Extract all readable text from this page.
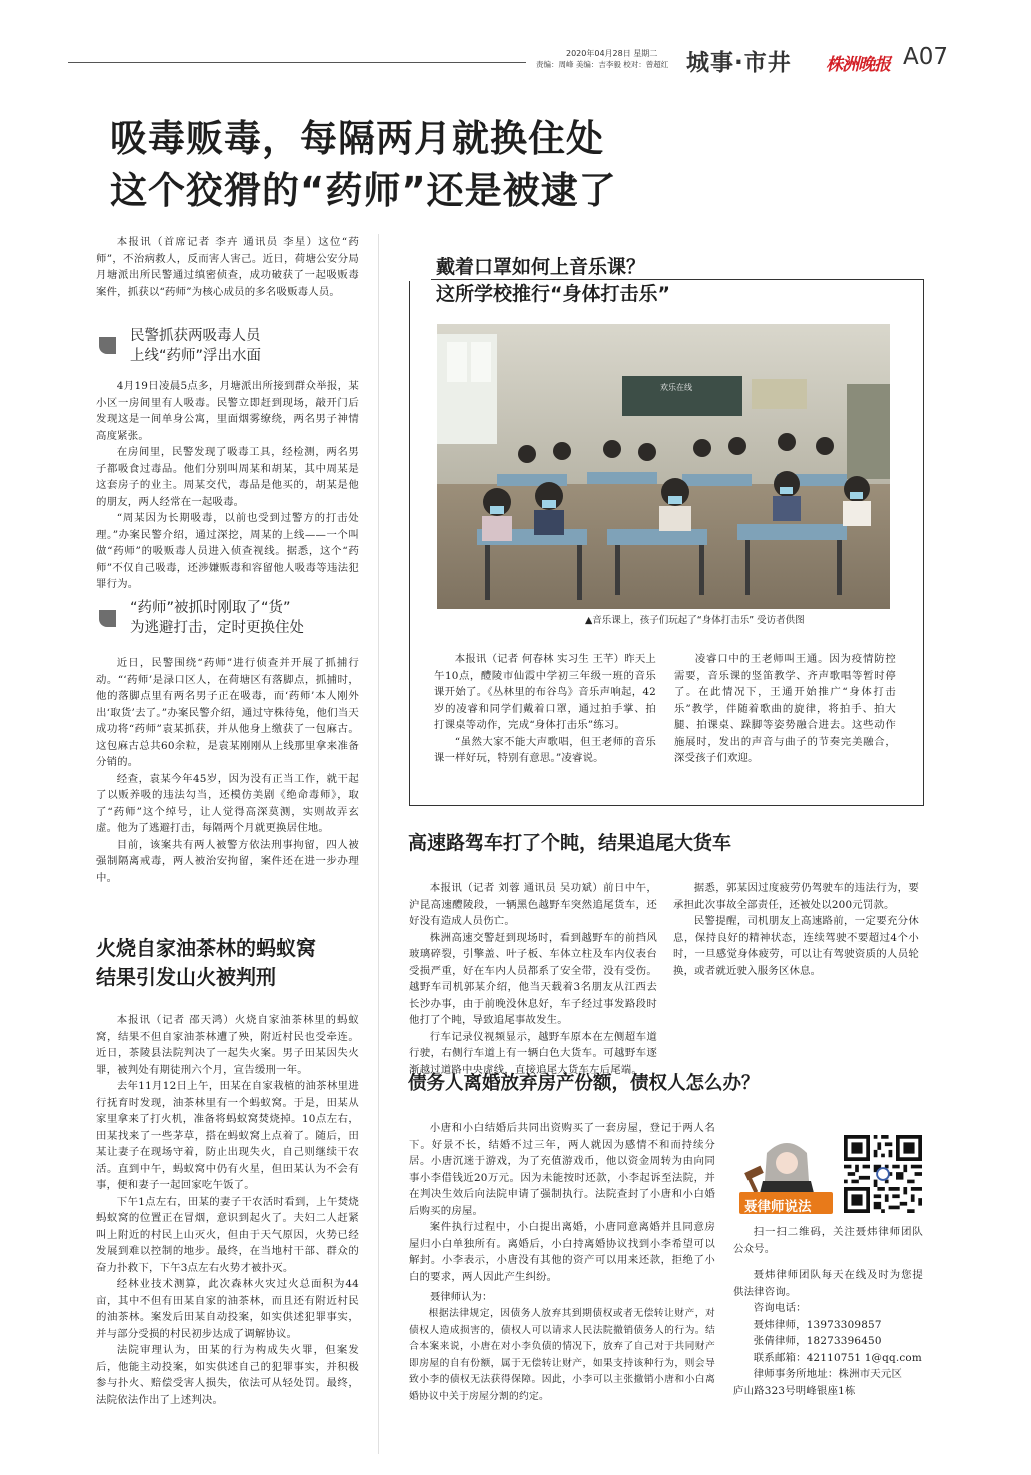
2020年04月28日 星期二
责编：周峰 美编：吉李毅 校对：曾超红 城事·市井 株洲晚报 A07
吸毒贩毒，每隔两月就换住处
这个狡猾的“药师”还是被逮了

本报讯（首席记者 李卉 通讯员 李星）这位“药师”，不治病救人，反而害人害己。近日，荷塘公安分局月塘派出所民警通过缜密侦查，成功破获了一起吸贩毒案件，抓获以“药师”为核心成员的多名吸贩毒人员。

民警抓获两吸毒人员
上线“药师”浮出水面

4月19日凌晨5点多，月塘派出所接到群众举报，某小区一房间里有人吸毒。民警立即赶到现场，敲开门后发现这是一间单身公寓，里面烟雾缭绕，两名男子神情高度紧张。

在房间里，民警发现了吸毒工具，经检测，两名男子都吸食过毒品。他们分别叫周某和胡某，其中周某是这套房子的业主。周某交代，毒品是他买的，胡某是他的朋友，两人经常在一起吸毒。

“周某因为长期吸毒，以前也受到过警方的打击处理。”办案民警介绍，通过深挖，周某的上线——一个叫做“药师”的吸贩毒人员进入侦查视线。据悉，这个“药师”不仅自己吸毒，还涉嫌贩毒和容留他人吸毒等违法犯罪行为。

“药师”被抓时刚取了“货”
为逃避打击，定时更换住处

近日，民警围绕“药师”进行侦查并开展了抓捕行动。“‘药师’是渌口区人，在荷塘区有落脚点，抓捕时，他的落脚点里有两名男子正在吸毒，而‘药师’本人刚外出‘取货’去了。”办案民警介绍，通过守株待兔，他们当天成功将“药师”袁某抓获，并从他身上缴获了一包麻古。这包麻古总共60余粒，是袁某刚刚从上线那里拿来准备分销的。

经查，袁某今年45岁，因为没有正当工作，就干起了以贩养吸的违法勾当，还模仿美剧《绝命毒师》，取了“药师”这个绰号，让人觉得高深莫测，实则故弄玄虚。他为了逃避打击，每隔两个月就更换居住地。

目前，该案共有两人被警方依法刑事拘留，四人被强制隔离戒毒，两人被治安拘留，案件还在进一步办理中。

火烧自家油茶林的蚂蚁窝
结果引发山火被判刑

本报讯（记者 邵天鸿）火烧自家油茶林里的蚂蚁窝，结果不但自家油茶林遭了殃，附近村民也受牵连。近日，茶陵县法院判决了一起失火案。男子田某因失火罪，被判处有期徒刑六个月，宣告缓刑一年。

去年11月12日上午，田某在自家栽植的油茶林里进行抚育时发现，油茶林里有一个蚂蚁窝。于是，田某从家里拿来了打火机，准备将蚂蚁窝焚烧掉。10点左右，田某找来了一些茅草，搭在蚂蚁窝上点着了。随后，田某让妻子在现场守着，防止出现失火，自己则继续干农活。直到中午，蚂蚁窝中仍有火星，但田某认为不会有事，便和妻子一起回家吃午饭了。

下午1点左右，田某的妻子干农活时看到，上午焚烧蚂蚁窝的位置正在冒烟，意识到起火了。夫妇二人赶紧叫上附近的村民上山灭火，但由于天气原因，火势已经发展到难以控制的地步。最终，在当地村干部、群众的奋力扑救下，下午3点左右火势才被扑灭。

经林业技术测算，此次森林火灾过火总面积为44亩，其中不但有田某自家的油茶林，而且还有附近村民的油茶林。案发后田某自动投案，如实供述犯罪事实，并与部分受损的村民初步达成了调解协议。

法院审理认为，田某的行为构成失火罪，但案发后，他能主动投案，如实供述自己的犯罪事实，并积极参与扑火、赔偿受害人损失，依法可从轻处罚。最终，法院依法作出了上述判决。

戴着口罩如何上音乐课？
这所学校推行“身体打击乐”
欢乐在线
▲音乐课上，孩子们玩起了“身体打击乐” 受访者供图

本报讯（记者 何春林 实习生 王芊）昨天上午10点，醴陵市仙霞中学初三年级一班的音乐课开始了。《丛林里的布谷鸟》音乐声响起，42岁的凌睿和同学们戴着口罩，通过拍手掌、拍打课桌等动作，完成“身体打击乐”练习。

“虽然大家不能大声歌唱，但王老师的音乐课一样好玩，特别有意思。”凌睿说。

凌睿口中的王老师叫王通。因为疫情防控需要，音乐课的竖笛教学、齐声歌唱等暂时停了。在此情况下，王通开始推广“身体打击乐”教学，伴随着歌曲的旋律，将拍手、拍大腿、拍课桌、跺脚等姿势融合进去。这些动作施展时，发出的声音与曲子的节奏完美融合，深受孩子们欢迎。

高速路驾车打了个盹，结果追尾大货车

本报讯（记者 刘蓉 通讯员 吴功斌）前日中午，沪昆高速醴陵段，一辆黑色越野车突然追尾货车，还好没有造成人员伤亡。

株洲高速交警赶到现场时，看到越野车的前挡风玻璃碎裂，引擎盖、叶子板、车体立柱及车内仪表台受损严重，好在车内人员都系了安全带，没有受伤。越野车司机郭某介绍，他当天载着3名朋友从江西去长沙办事，由于前晚没休息好，车子经过事发路段时他打了个盹，导致追尾事故发生。

行车记录仪视频显示，越野车原本在左侧超车道行驶，右侧行车道上有一辆白色大货车。可越野车逐渐越过道路中央虚线，直接追尾大货车左后尾端。

据悉，郭某因过度疲劳仍驾驶车的违法行为，要承担此次事故全部责任，还被处以200元罚款。

民警提醒，司机朋友上高速路前，一定要充分休息，保持良好的精神状态，连续驾驶不要超过4个小时，一旦感觉身体疲劳，可以让有驾驶资质的人员轮换，或者就近驶入服务区休息。

债务人离婚放弃房产份额，债权人怎么办？

小唐和小白结婚后共同出资购买了一套房屋，登记于两人名下。好景不长，结婚不过三年，两人就因为感情不和而持续分居。小唐沉迷于游戏，为了充值游戏币，他以资金周转为由向同事小李借钱近20万元。因为未能按时还款，小李起诉至法院，并在判决生效后向法院申请了强制执行。法院查封了小唐和小白婚后购买的房屋。

案件执行过程中，小白提出离婚，小唐同意离婚并且同意房屋归小白单独所有。离婚后，小白持离婚协议找到小李希望可以解封。小李表示，小唐没有其他的资产可以用来还款，拒绝了小白的要求，两人因此产生纠纷。

聂律师认为：

根据法律规定，因债务人放弃其到期债权或者无偿转让财产，对债权人造成损害的，债权人可以请求人民法院撤销债务人的行为。结合本案来说，小唐在对小李负债的情况下，放弃了自己对于共同财产即房屋的自有份额，属于无偿转让财产，如果支持该种行为，则会导致小李的债权无法获得保障。因此，小李可以主张撤销小唐和小白离婚协议中关于房屋分割的约定。

聂律师说法

扫一扫二维码，关注聂炜律师团队公众号。

聂炜律师团队每天在线及时为您提供法律咨询。

咨询电话：

聂炜律师，13973309857

张倩律师，18273396450

联系邮箱：42110751 1@qq.com

律师事务所地址：株洲市天元区

庐山路323号明峰银座1栋
